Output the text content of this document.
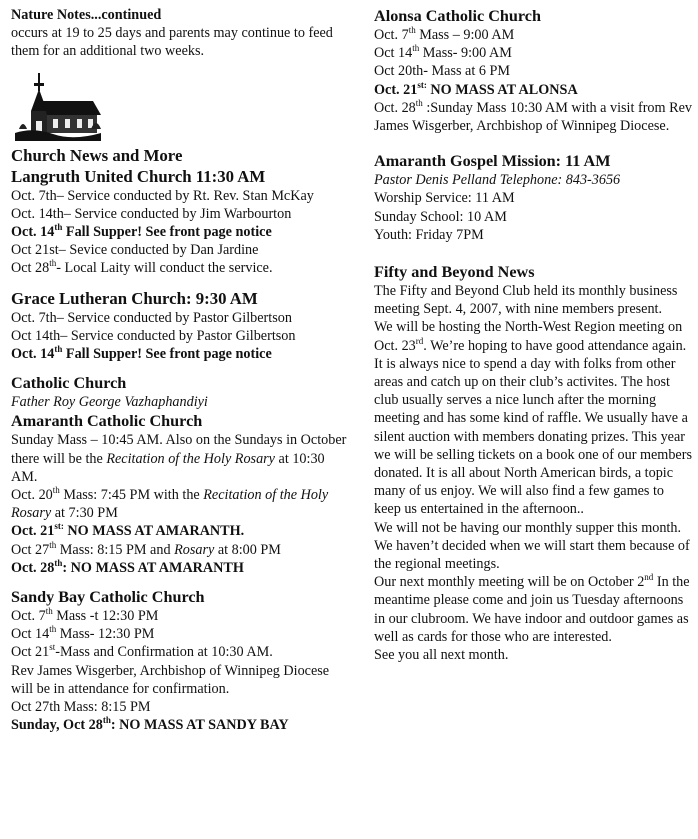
Nature Notes...continued

occurs at 19 to 25 days and parents may continue to feed them for an additional two weeks.

Church News and More

Langruth United Church 11:30 AM

Oct. 7th– Service conducted by Rt. Rev. Stan McKay

Oct. 14th– Service conducted by Jim Warbourton

Oct. 14th Fall Supper! See front page notice

Oct 21st– Sevice conducted by Dan Jardine

Oct 28th- Local Laity will conduct the service.

Grace Lutheran Church: 9:30 AM

Oct. 7th– Service conducted by Pastor Gilbertson

Oct 14th– Service conducted by Pastor Gilbertson

Oct. 14th Fall Supper! See front page notice

Catholic Church

Father Roy George Vazhaphandiyi

Amaranth Catholic Church

Sunday Mass – 10:45 AM. Also on the Sundays in October there will be the Recitation of the Holy Rosary at 10:30 AM.

Oct. 20th Mass: 7:45 PM with the Recitation of the Holy Rosary at 7:30 PM

Oct. $21^{st:}$ NO MASS AT AMARANTH.

Oct 27th Mass: 8:15 PM and Rosary at 8:00 PM

Oct. 28th: NO MASS AT AMARANTH

Sandy Bay Catholic Church

Oct. 7th Mass -t 12:30 PM

Oct 14th Mass- 12:30 PM

Oct 21st-Mass and Confirmation at 10:30 AM.

Rev James Wisgerber, Archbishop of Winnipeg Diocese will be in attendance for confirmation.

Oct 27th Mass: 8:15 PM

Sunday, Oct 28th: NO MASS AT SANDY BAY

Alonsa Catholic Church

Oct. 7th Mass – 9:00 AM

Oct 14th Mass- 9:00 AM

Oct 20th- Mass at 6 PM

Oct. $21^{st:}$ NO MASS AT ALONSA

Oct. 28th :Sunday Mass 10:30 AM with a visit from Rev James Wisgerber, Archbishop of Winnipeg Diocese.

Amaranth Gospel Mission: 11 AM

Pastor Denis Pelland Telephone: 843-3656

Worship Service: 11 AM

Sunday School: 10 AM

Youth: Friday 7PM

Fifty and Beyond News

The Fifty and Beyond Club held its monthly business meeting Sept. 4, 2007, with nine members present.

We will be hosting the North-West Region meeting on Oct. 23rd. We’re hoping to have good attendance again. It is always nice to spend a day with folks from other areas and catch up on their club’s activites. The host club usually serves a nice lunch after the morning meeting and has some kind of raffle. We usually have a silent auction with members donating prizes. This year we will be selling tickets on a book one of our members donated. It is all about North American birds, a topic many of us enjoy. We will also find a few games to keep us entertained in the afternoon..

We will not be having our monthly supper this month. We haven’t decided when we will start them because of the regional meetings.

Our next monthly meeting will be on October 2nd In the meantime please come and join us Tuesday afternoons in our clubroom. We have indoor and outdoor games as well as cards for those who are interested.

See you all next month.
